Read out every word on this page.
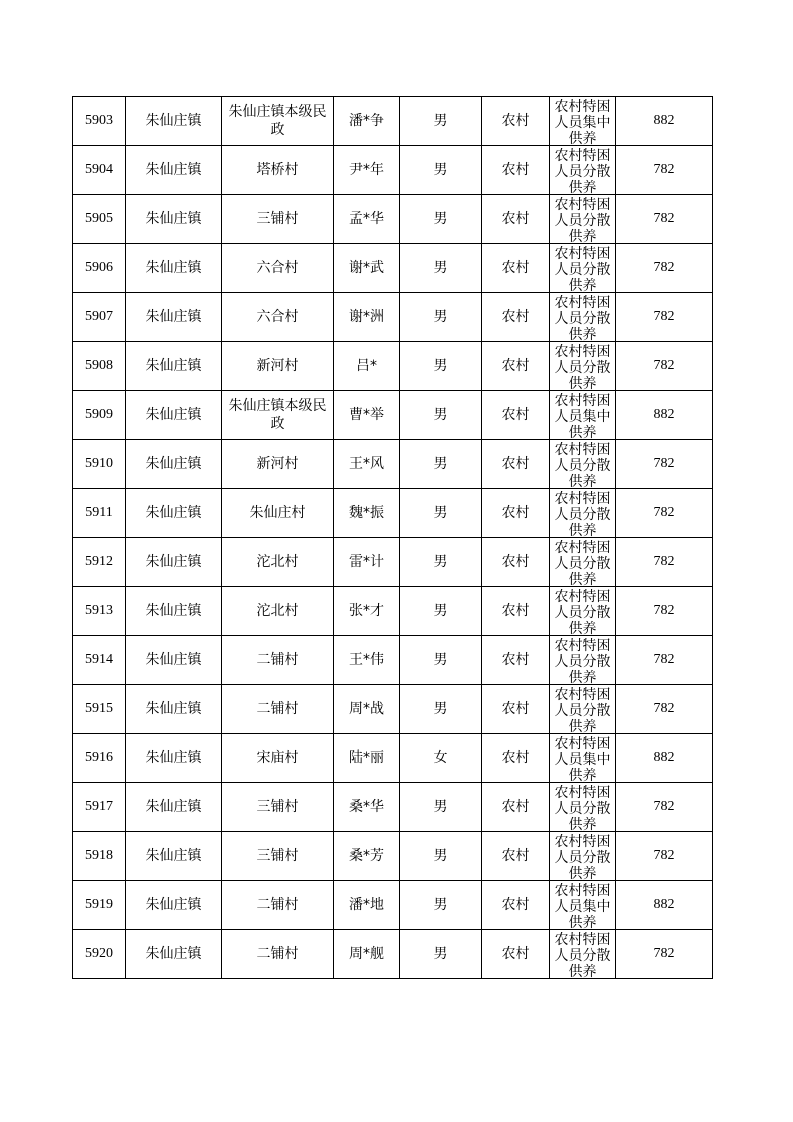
5903	朱仙庄镇	朱仙庄镇本级民政	潘*争	男	农村	农村特困人员集中供养	882
5904	朱仙庄镇	塔桥村	尹*年	男	农村	农村特困人员分散供养	782
5905	朱仙庄镇	三铺村	孟*华	男	农村	农村特困人员分散供养	782
5906	朱仙庄镇	六合村	谢*武	男	农村	农村特困人员分散供养	782
5907	朱仙庄镇	六合村	谢*洲	男	农村	农村特困人员分散供养	782
5908	朱仙庄镇	新河村	吕*	男	农村	农村特困人员分散供养	782
5909	朱仙庄镇	朱仙庄镇本级民政	曹*举	男	农村	农村特困人员集中供养	882
5910	朱仙庄镇	新河村	王*风	男	农村	农村特困人员分散供养	782
5911	朱仙庄镇	朱仙庄村	魏*振	男	农村	农村特困人员分散供养	782
5912	朱仙庄镇	沱北村	雷*计	男	农村	农村特困人员分散供养	782
5913	朱仙庄镇	沱北村	张*才	男	农村	农村特困人员分散供养	782
5914	朱仙庄镇	二铺村	王*伟	男	农村	农村特困人员分散供养	782
5915	朱仙庄镇	二铺村	周*战	男	农村	农村特困人员分散供养	782
5916	朱仙庄镇	宋庙村	陆*丽	女	农村	农村特困人员集中供养	882
5917	朱仙庄镇	三铺村	桑*华	男	农村	农村特困人员分散供养	782
5918	朱仙庄镇	三铺村	桑*芳	男	农村	农村特困人员分散供养	782
5919	朱仙庄镇	二铺村	潘*地	男	农村	农村特困人员集中供养	882
5920	朱仙庄镇	二铺村	周*舰	男	农村	农村特困人员分散供养	782
